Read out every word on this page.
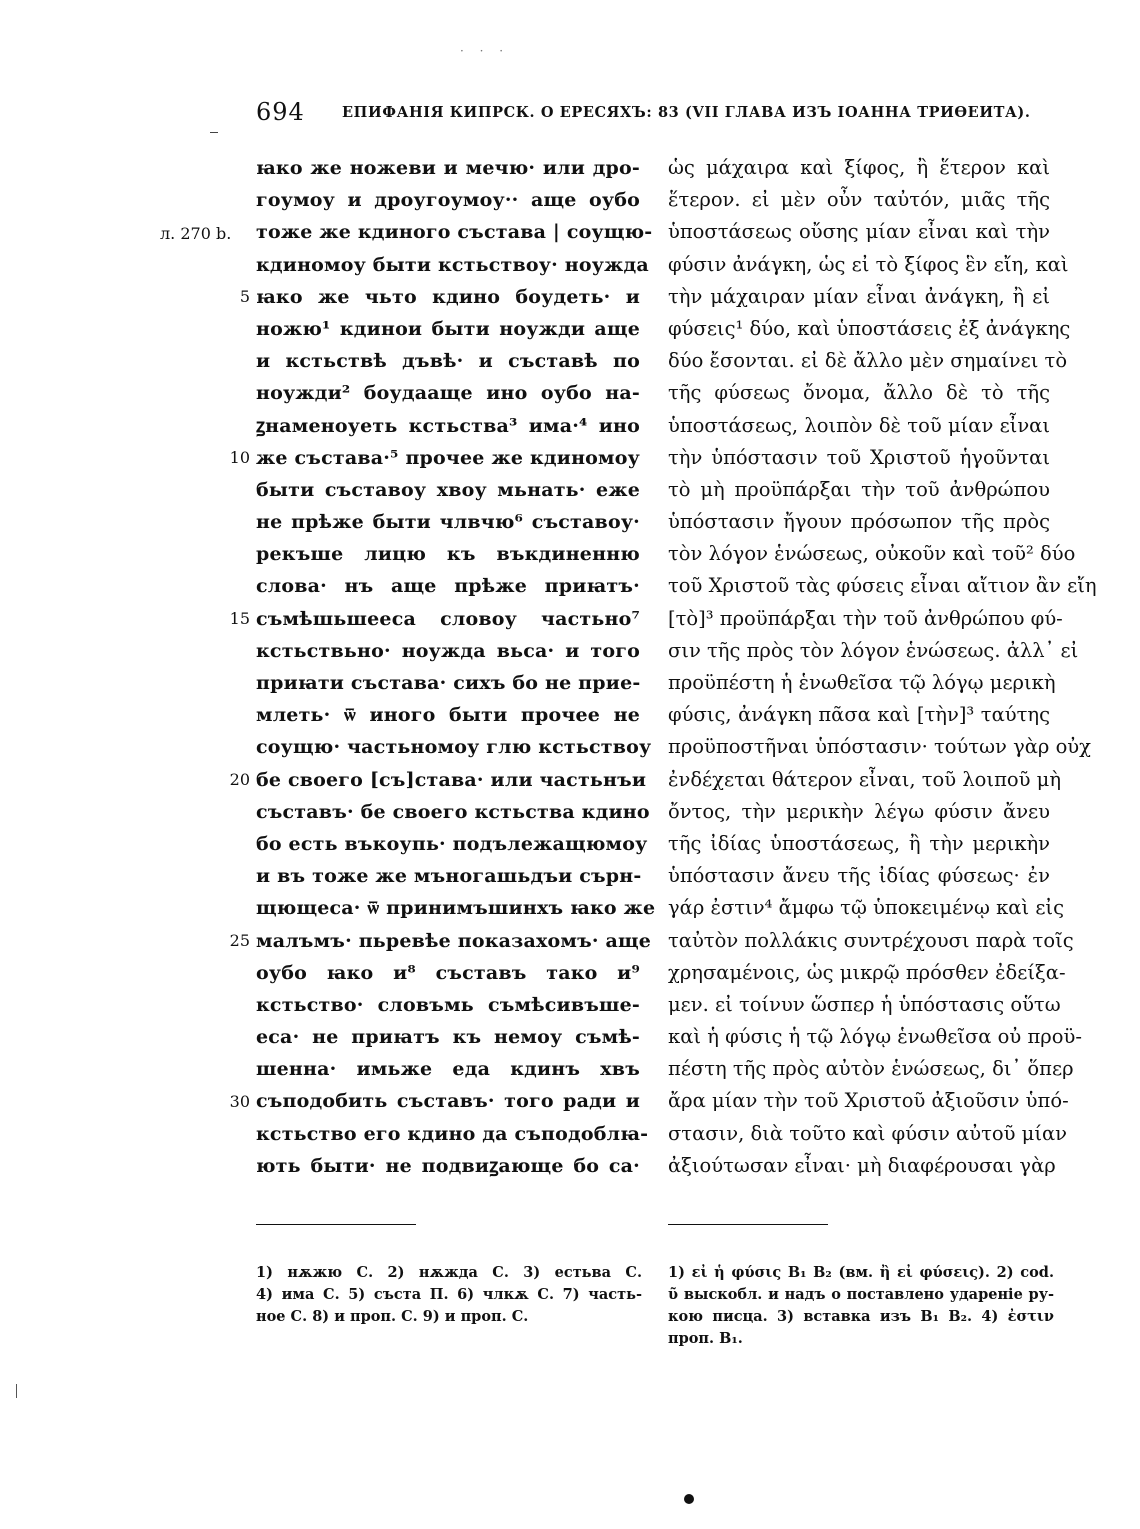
· · ·
694	ЕПИФАНІЯ КИПРСК. О ЕРЕСЯХЪ: 83 (VII ГЛАВА ИЗЪ ІОАННА ТРИѲЕИТА).
л. 270 b.
5
10
15
20
25
30
ꙗко же ножеви и мечю· или дро-
гоумоу и дроугоумоу·· аще оубо
тоже же кдиного състава | соущю-
кдиномоу быти кстьствоу· ноужда
ꙗко же чьто кдино боудеть· и
ножю¹ кдинои быти ноужди аще
и кстьствѣ дъвѣ· и съставѣ по
ноужди² боудааще ино оубо на-
ꙁнаменоуеть кстьства³ има·⁴ ино
же състава·⁵ прочее же кдиномоу
быти съставоу хвоу мьнать· еже
не прѣже быти члвчю⁶ съставоу·
рекъше лицю къ въкдиненню
слова· нъ аще прѣже приꙗтъ·
съмѣшьшееса словоу частьно⁷
кстьствьно· ноужда вьса· и того
приꙗти състава· сихъ бо не прие-
млеть· ѿ иного быти прочее не
соущю· частьномоу глю кстьствоу
бе своего [съ]става· или частьнъи
съставъ· бе своего кстьства кдино
бо есть въкоупь· подълежащюмоу
и въ тоже же мъногашьдъи сърн-
щющеса· ѿ принимъшинхъ ꙗко же
малъмъ· пьревѣе показахомъ· аще
оубо ꙗко и⁸ съставъ тако и⁹
кстьство· словъмь съмѣсивъше-
еса· не приꙗтъ къ немоу съмѣ-
шенна· имьже еда кдинъ хвъ
съподобить съставъ· того ради и
кстьство его кдино да съподоблꙗ-
ють быти· не подвиꙁающе бо са·
ὡς μάχαιρα καὶ ξίφος, ἢ ἕτερον καὶ
ἕτερον. εἰ μὲν οὖν ταὐτόν, μιᾶς τῆς
ὑποστάσεως οὔσης μίαν εἶναι καὶ τὴν
φύσιν ἀνάγκη, ὡς εἰ τὸ ξίφος ἓν εἴη, καὶ
τὴν μάχαιραν μίαν εἶναι ἀνάγκη, ἢ εἰ
φύσεις¹ δύο, καὶ ὑποστάσεις ἐξ ἀνάγκης
δύο ἔσονται. εἰ δὲ ἄλλο μὲν σημαίνει τὸ
τῆς φύσεως ὄνομα, ἄλλο δὲ τὸ τῆς
ὑποστάσεως, λοιπὸν δὲ τοῦ μίαν εἶναι
τὴν ὑπόστασιν τοῦ Χριστοῦ ἡγοῦνται
τὸ μὴ προϋπάρξαι τὴν τοῦ ἀνθρώπου
ὑπόστασιν ἤγουν πρόσωπον τῆς πρὸς
τὸν λόγον ἑνώσεως, οὐκοῦν καὶ τοῦ² δύο
τοῦ Χριστοῦ τὰς φύσεις εἶναι αἴτιον ἂν εἴη
[τὸ]³ προϋπάρξαι τὴν τοῦ ἀνθρώπου φύ-
σιν τῆς πρὸς τὸν λόγον ἑνώσεως. ἀλλ᾽ εἰ
προϋπέστη ἡ ἑνωθεῖσα τῷ λόγῳ μερικὴ
φύσις, ἀνάγκη πᾶσα καὶ [τὴν]³ ταύτης
προϋποστῆναι ὑπόστασιν· τούτων γὰρ οὐχ
ἐνδέχεται θάτερον εἶναι, τοῦ λοιποῦ μὴ
ὄντος, τὴν μερικὴν λέγω φύσιν ἄνευ
τῆς ἰδίας ὑποστάσεως, ἢ τὴν μερικὴν
ὑπόστασιν ἄνευ τῆς ἰδίας φύσεως· ἐν
γάρ ἐστιν⁴ ἄμφω τῷ ὑποκειμένῳ καὶ εἰς
ταὐτὸν πολλάκις συντρέχουσι παρὰ τοῖς
χρησαμένοις, ὡς μικρῷ πρόσθεν ἐδείξα-
μεν. εἰ τοίνυν ὥσπερ ἡ ὑπόστασις οὕτω
καὶ ἡ φύσις ἡ τῷ λόγῳ ἑνωθεῖσα οὐ προϋ-
πέστη τῆς πρὸς αὐτὸν ἑνώσεως, δι᾽ ὅπερ
ἄρα μίαν τὴν τοῦ Χριστοῦ ἀξιοῦσιν ὑπό-
στασιν, διὰ τοῦτο καὶ φύσιν αὐτοῦ μίαν
ἀξιούτωσαν εἶναι· μὴ διαφέρουσαι γὰρ
1) нѫжю С. 2) нѫжда С. 3) естьва С.
4) има С. 5) съста П. 6) члкѫ С. 7) часть-
ное С. 8) и проп. С. 9) и проп. С.
1) εἰ ἡ φύσις B₁ B₂ (вм. ἢ εἰ φύσεις). 2) cod.
ῦ выскобл. и надъ о поставлено удареніе ру-
кою писца. 3) вставка изъ B₁ B₂. 4) ἐστιν
проп. B₁.
